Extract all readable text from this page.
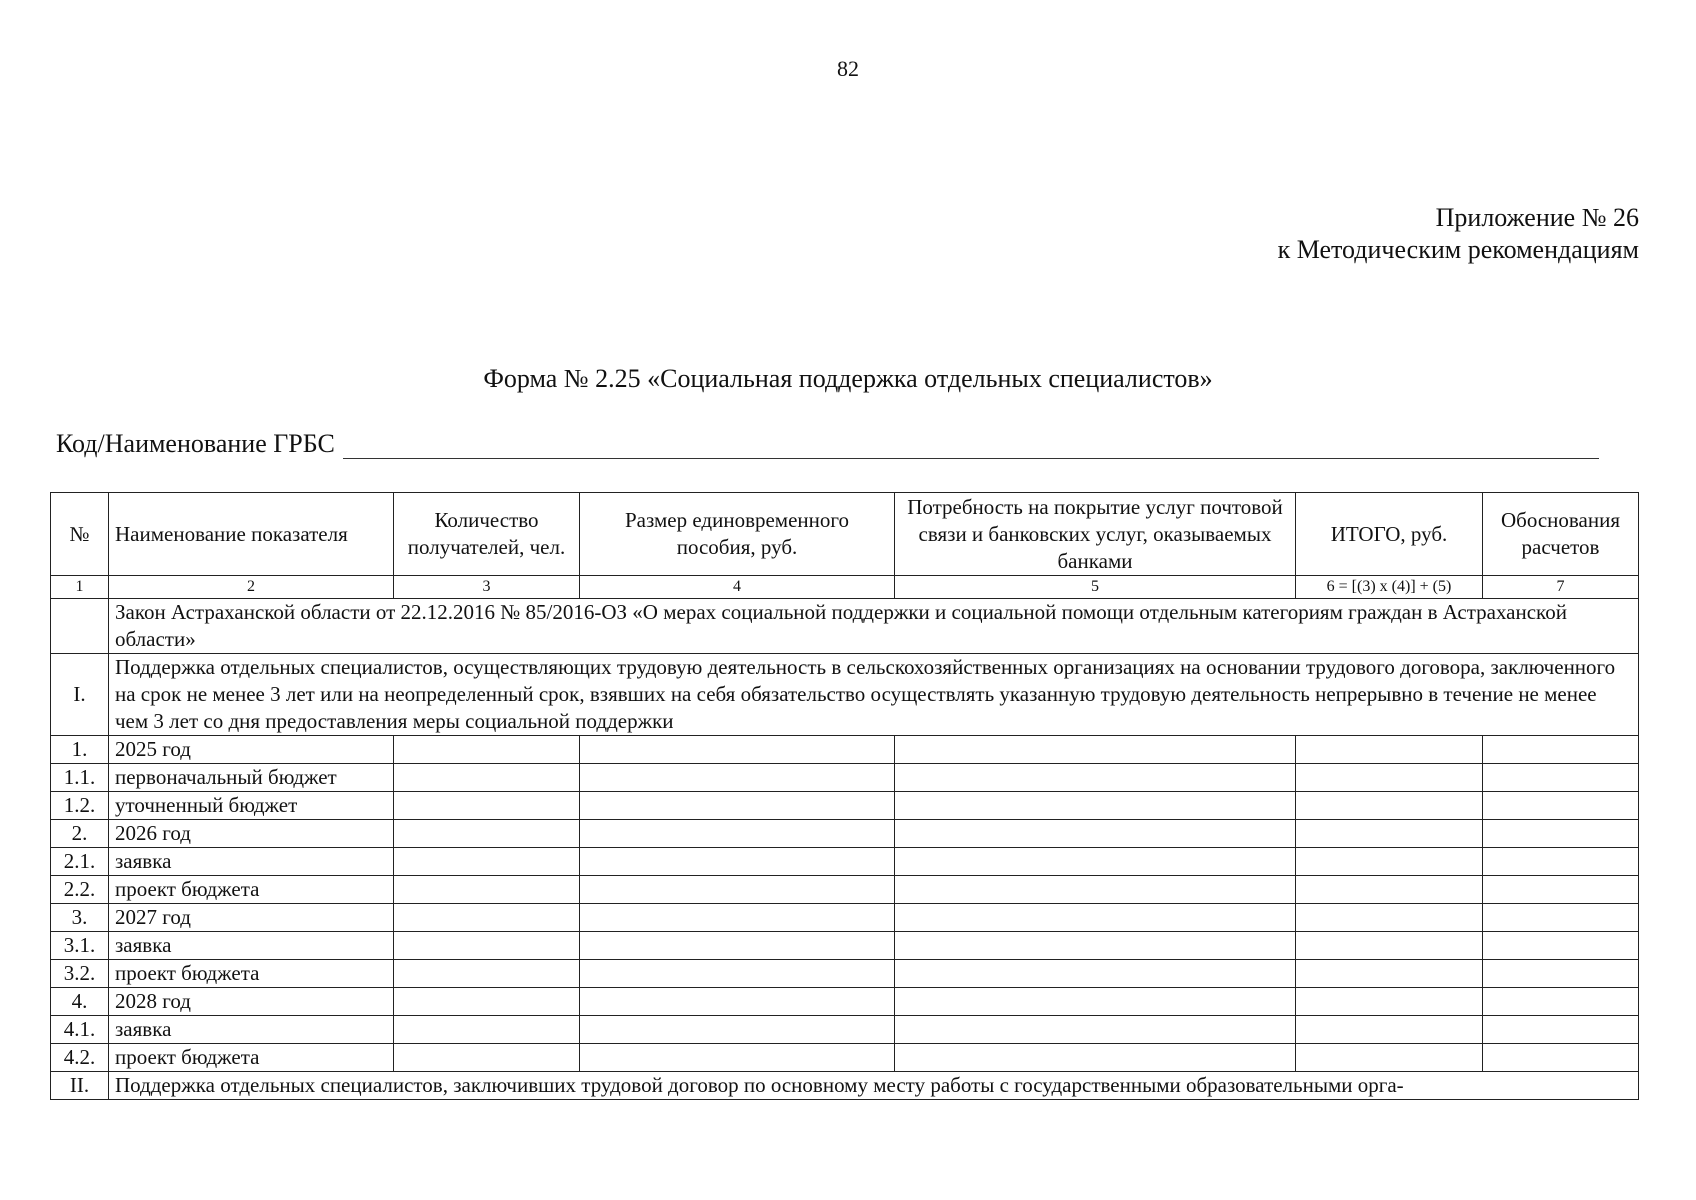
82
Приложение № 26
к Методическим рекомендациям
Форма № 2.25 «Социальная поддержка отдельных специалистов»
Код/Наименование ГРБС
№	Наименование показателя	Количество получателей, чел.	Размер единовременного пособия, руб.	Потребность на покрытие услуг почтовой связи и банковских услуг, оказываемых банками	ИТОГО, руб.	Обоснования расчетов
1	2	3	4	5	6 = [(3) x (4)] + (5)	7
	Закон Астраханской области от 22.12.2016 № 85/2016-ОЗ «О мерах социальной поддержки и социальной помощи отдельным категориям граждан в Астраханской области»					
I.	Поддержка отдельных специалистов, осуществляющих трудовую деятельность в сельскохозяйственных организациях на основании трудового договора, заключенного на срок не менее 3 лет или на неопределенный срок, взявших на себя обязательство осуществлять указанную трудовую деятельность непрерывно в течение не менее чем 3 лет со дня предоставления меры социальной поддержки					
1.	2025 год					
1.1.	первоначальный бюджет					
1.2.	уточненный бюджет					
2.	2026 год					
2.1.	заявка					
2.2.	проект бюджета					
3.	2027 год					
3.1.	заявка					
3.2.	проект бюджета					
4.	2028 год					
4.1.	заявка					
4.2.	проект бюджета					
II.	Поддержка отдельных специалистов, заключивших трудовой договор по основному месту работы с государственными образовательными орга-					
